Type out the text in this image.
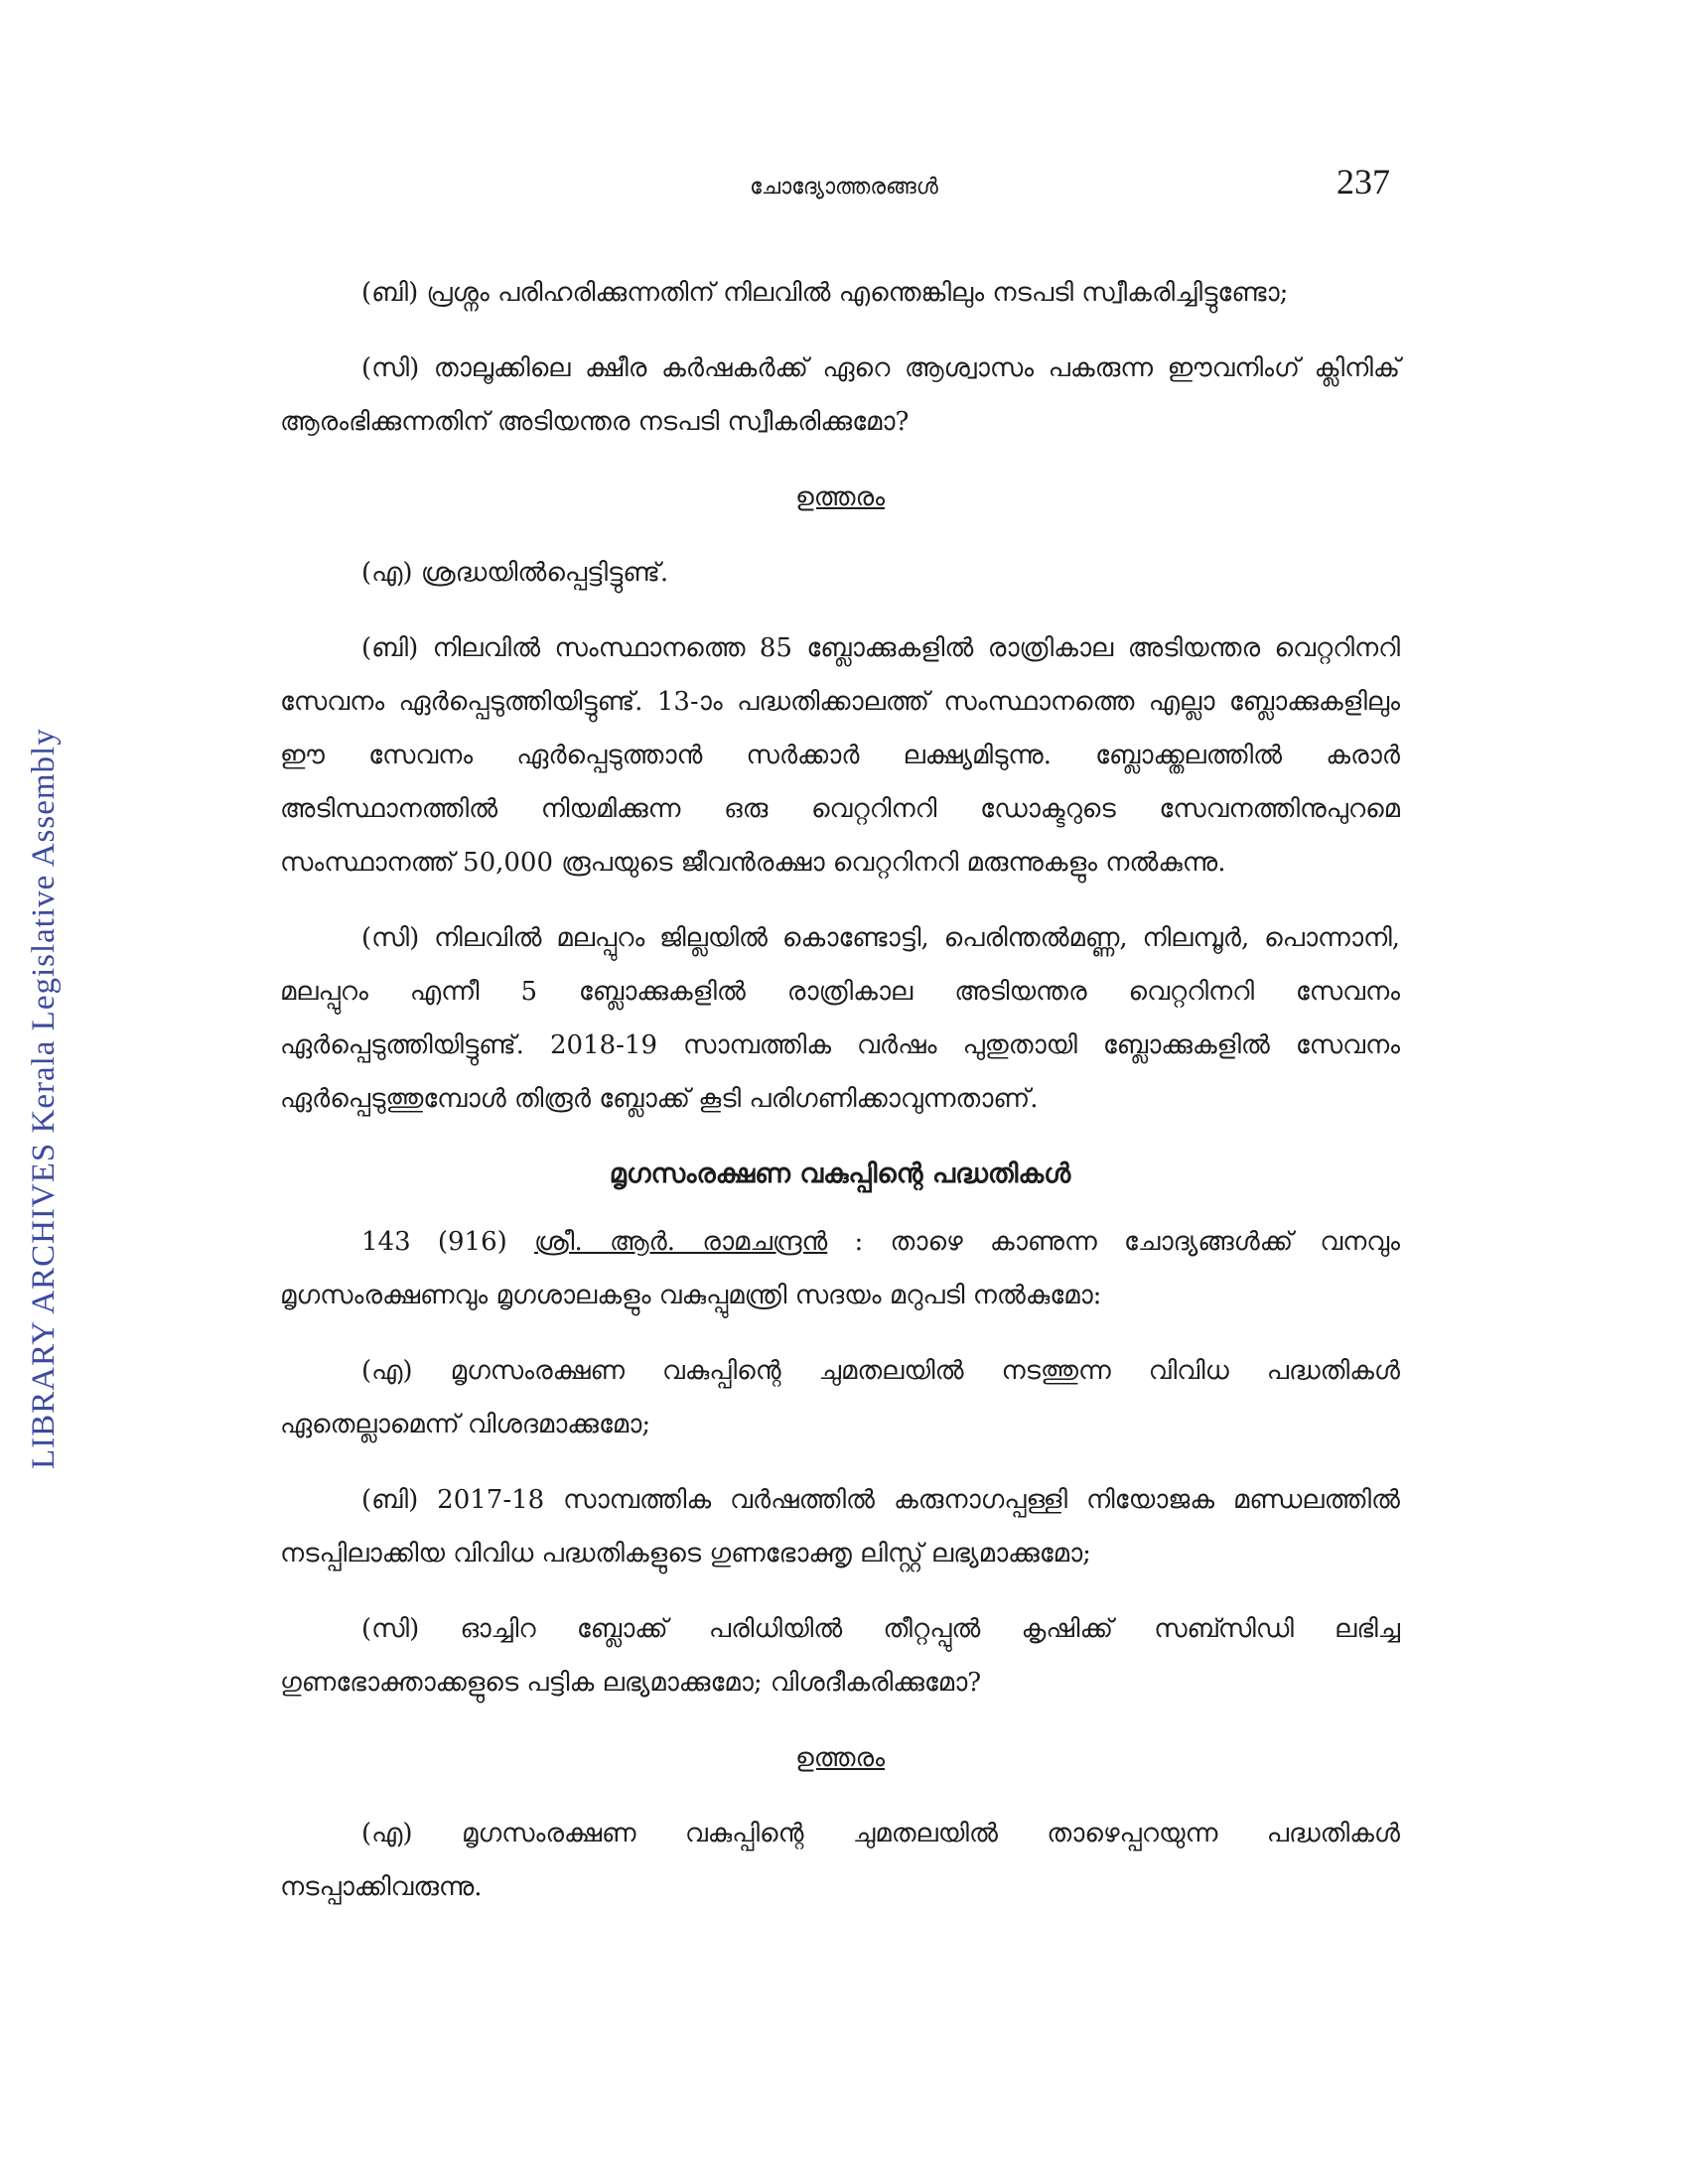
LIBRARY ARCHIVES Kerala Legislative Assembly
ചോദ്യോത്തരങ്ങൾ	237

(ബി) പ്രശ്നം പരിഹരിക്കുന്നതിന് നിലവിൽ എന്തെങ്കിലും നടപടി സ്വീകരിച്ചിട്ടുണ്ടോ;

(സി) താലൂക്കിലെ ക്ഷീര കർഷകർക്ക് ഏറെ ആശ്വാസം പകരുന്ന ഈവനിംഗ് ക്ലിനിക് ആരംഭിക്കുന്നതിന് അടിയന്തര നടപടി സ്വീകരിക്കുമോ?

ഉത്തരം

(എ) ശ്രദ്ധയിൽപ്പെട്ടിട്ടുണ്ട്.

(ബി) നിലവിൽ സംസ്ഥാനത്തെ 85 ബ്ലോക്കുകളിൽ രാത്രികാല അടിയന്തര വെറ്ററിനറി സേവനം ഏർപ്പെടുത്തിയിട്ടുണ്ട്. 13-ാം പദ്ധതിക്കാലത്ത് സംസ്ഥാനത്തെ എല്ലാ ബ്ലോക്കുകളിലും ഈ സേവനം ഏർപ്പെടുത്താൻ സർക്കാർ ലക്ഷ്യമിടുന്നു. ബ്ലോക്ക്തലത്തിൽ കരാർ അടിസ്ഥാനത്തിൽ നിയമിക്കുന്ന ഒരു വെറ്ററിനറി ഡോക്ടറുടെ സേവനത്തിനുപുറമെ സംസ്ഥാനത്ത് 50,000 രൂപയുടെ ജീവൻരക്ഷാ വെറ്ററിനറി മരുന്നുകളും നൽകുന്നു.

(സി) നിലവിൽ മലപ്പുറം ജില്ലയിൽ കൊണ്ടോട്ടി, പെരിന്തൽമണ്ണ, നിലമ്പൂർ, പൊന്നാനി, മലപ്പുറം എന്നീ 5 ബ്ലോക്കുകളിൽ രാത്രികാല അടിയന്തര വെറ്ററിനറി സേവനം ഏർപ്പെടുത്തിയിട്ടുണ്ട്. 2018-19 സാമ്പത്തിക വർഷം പുതുതായി ബ്ലോക്കുകളിൽ സേവനം ഏർപ്പെടുത്തുമ്പോൾ തിരൂർ ബ്ലോക്ക് കൂടി പരിഗണിക്കാവുന്നതാണ്.

മൃഗസംരക്ഷണ വകുപ്പിന്റെ പദ്ധതികൾ

143 (916) ശ്രീ. ആർ. രാമചന്ദ്രൻ : താഴെ കാണുന്ന ചോദ്യങ്ങൾക്ക് വനവും മൃഗസംരക്ഷണവും മൃഗശാലകളും വകുപ്പുമന്ത്രി സദയം മറുപടി നൽകുമോ:

(എ) മൃഗസംരക്ഷണ വകുപ്പിന്റെ ചുമതലയിൽ നടത്തുന്ന വിവിധ പദ്ധതികൾ ഏതെല്ലാമെന്ന് വിശദമാക്കുമോ;

(ബി) 2017-18 സാമ്പത്തിക വർഷത്തിൽ കരുനാഗപ്പള്ളി നിയോജക മണ്ഡലത്തിൽ നടപ്പിലാക്കിയ വിവിധ പദ്ധതികളുടെ ഗുണഭോക്തൃ ലിസ്റ്റ് ലഭ്യമാക്കുമോ;

(സി) ഓച്ചിറ ബ്ലോക്ക് പരിധിയിൽ തീറ്റപ്പുൽ കൃഷിക്ക് സബ്സിഡി ലഭിച്ച ഗുണഭോക്താക്കളുടെ പട്ടിക ലഭ്യമാക്കുമോ; വിശദീകരിക്കുമോ?

ഉത്തരം

(എ) മൃഗസംരക്ഷണ വകുപ്പിന്റെ ചുമതലയിൽ താഴെപ്പറയുന്ന പദ്ധതികൾ നടപ്പാക്കിവരുന്നു.
